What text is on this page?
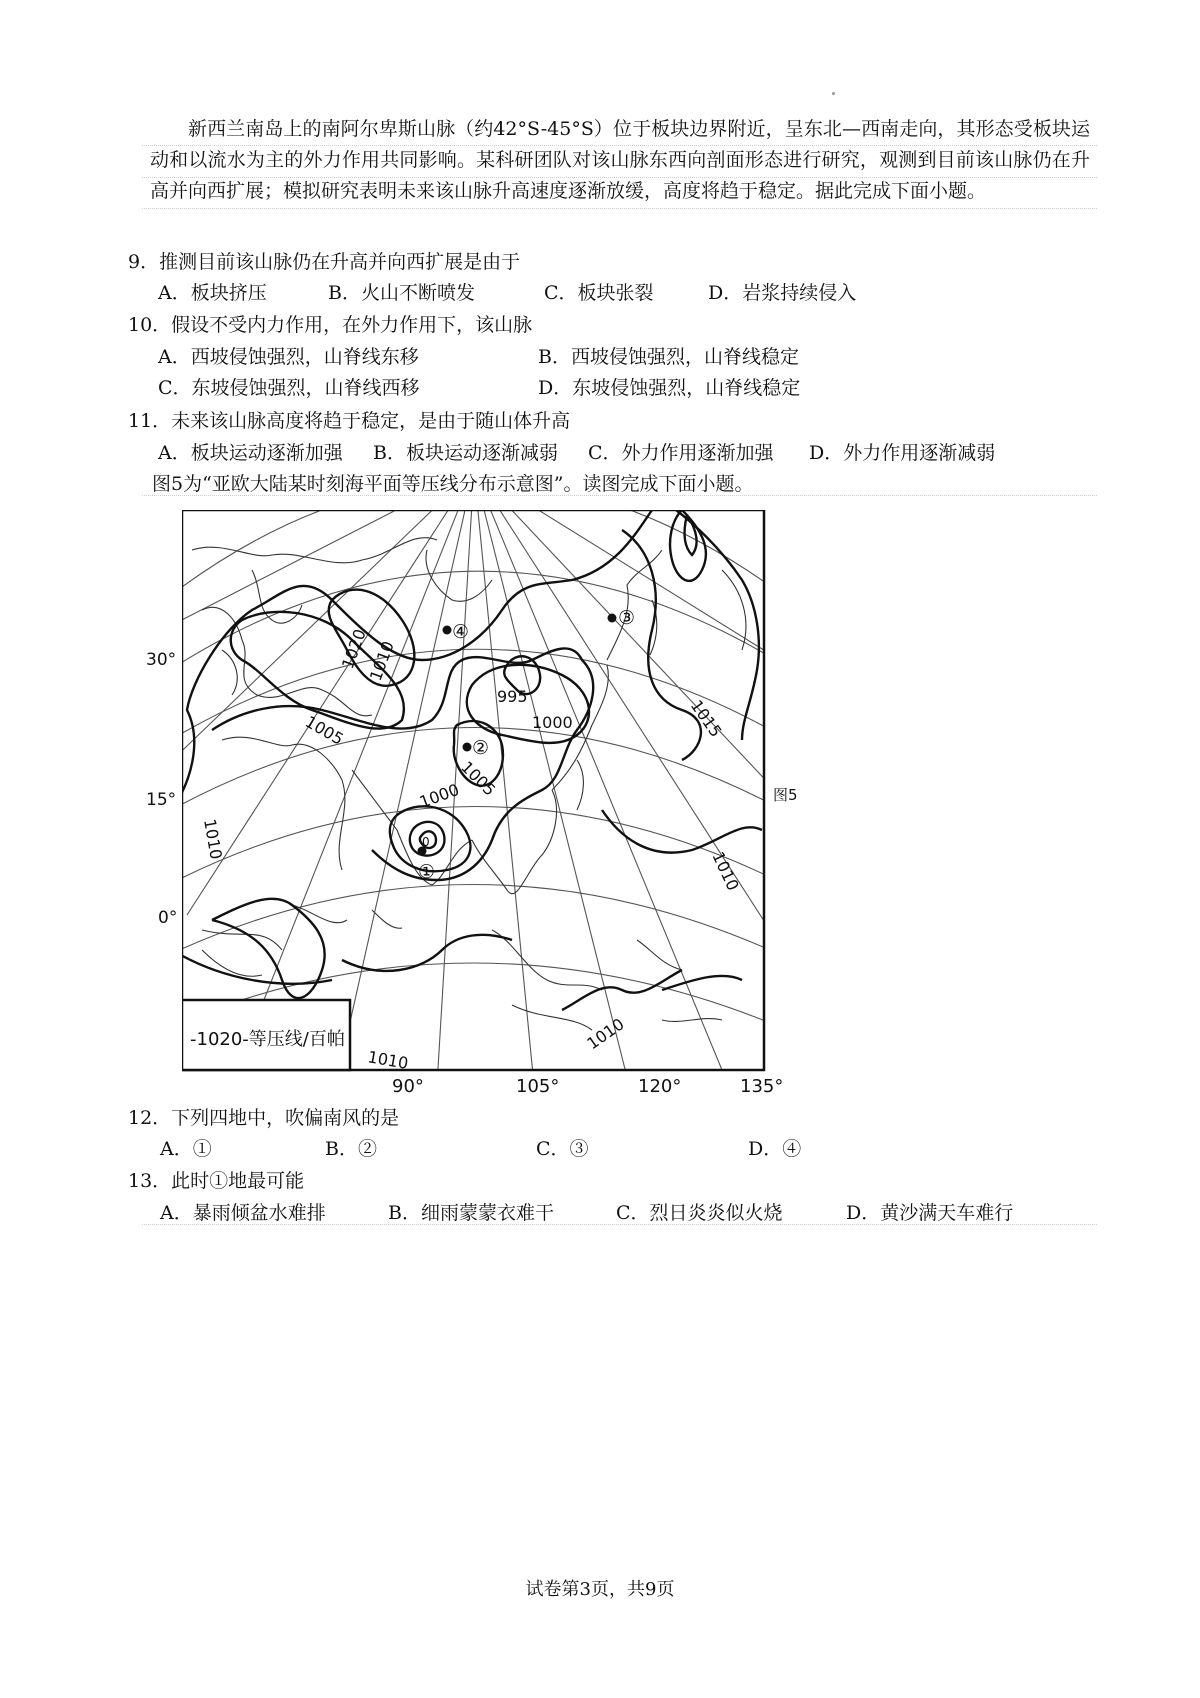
新西兰南岛上的南阿尔卑斯山脉（约42°S-45°S）位于板块边界附近，呈东北—西南走向，其形态受板块运动和以流水为主的外力作用共同影响。某科研团队对该山脉东西向剖面形态进行研究，观测到目前该山脉仍在升高并向西扩展；模拟研究表明未来该山脉升高速度逐渐放缓，高度将趋于稳定。据此完成下面小题。
9．推测目前该山脉仍在升高并向西扩展是由于
A．板块挤压	B．火山不断喷发	C．板块张裂	D．岩浆持续侵入
10．假设不受内力作用，在外力作用下，该山脉
A．西坡侵蚀强烈，山脊线东移	B．西坡侵蚀强烈，山脊线稳定
C．东坡侵蚀强烈，山脊线西移	D．东坡侵蚀强烈，山脊线稳定
11．未来该山脉高度将趋于稳定，是由于随山体升高
A．板块运动逐渐加强 B．板块运动逐渐减弱 C．外力作用逐渐加强 D．外力作用逐渐减弱
图5为“亚欧大陆某时刻海平面等压线分布示意图”。读图完成下面小题。
-1020-等压线/百帕
1020
1010
1005
995
1000	1015
1010
1005
1000
1010
1010
1010
0
①
②
③
④
30°
15°
0°
90°	105°	120°	135°
图5
12．下列四地中，吹偏南风的是
A．①	B．②	C．③	D．④
13．此时①地最可能
A．暴雨倾盆水难排	B．细雨蒙蒙衣难干	C．烈日炎炎似火烧	D．黄沙满天车难行
试卷第3页，共9页
